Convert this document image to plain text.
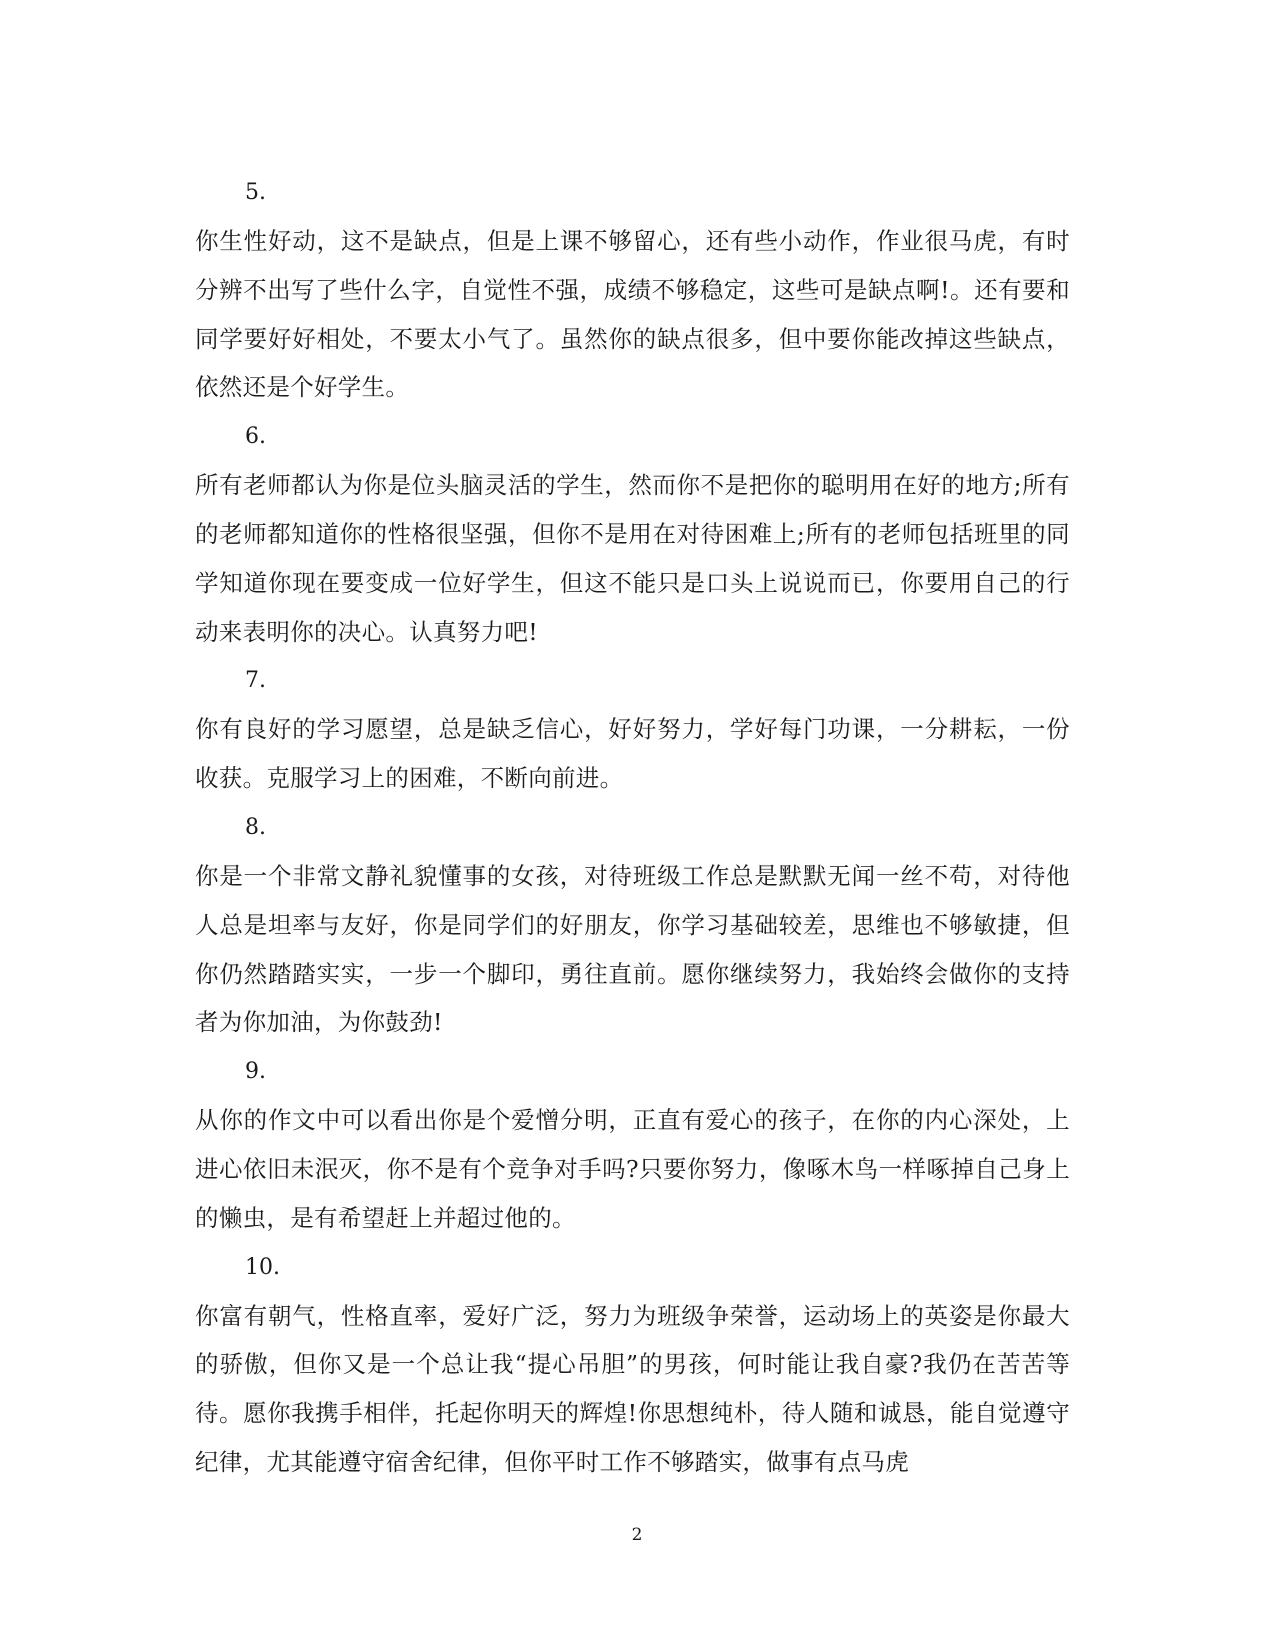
5.

你生性好动，这不是缺点，但是上课不够留心，还有些小动作，作业很马虎，有时分辨不出写了些什么字，自觉性不强，成绩不够稳定，这些可是缺点啊!。还有要和同学要好好相处，不要太小气了。虽然你的缺点很多，但中要你能改掉这些缺点，依然还是个好学生。

6.

所有老师都认为你是位头脑灵活的学生，然而你不是把你的聪明用在好的地方;所有的老师都知道你的性格很坚强，但你不是用在对待困难上;所有的老师包括班里的同学知道你现在要变成一位好学生，但这不能只是口头上说说而已，你要用自己的行动来表明你的决心。认真努力吧!

7.

你有良好的学习愿望，总是缺乏信心，好好努力，学好每门功课，一分耕耘，一份收获。克服学习上的困难，不断向前进。

8.

你是一个非常文静礼貌懂事的女孩，对待班级工作总是默默无闻一丝不苟，对待他人总是坦率与友好，你是同学们的好朋友，你学习基础较差，思维也不够敏捷，但你仍然踏踏实实，一步一个脚印，勇往直前。愿你继续努力，我始终会做你的支持者为你加油，为你鼓劲!

9.

从你的作文中可以看出你是个爱憎分明，正直有爱心的孩子，在你的内心深处，上进心依旧未泯灭，你不是有个竞争对手吗?只要你努力，像啄木鸟一样啄掉自己身上的懒虫，是有希望赶上并超过他的。

10.

你富有朝气，性格直率，爱好广泛，努力为班级争荣誉，运动场上的英姿是你最大的骄傲，但你又是一个总让我“提心吊胆”的男孩，何时能让我自豪?我仍在苦苦等待。愿你我携手相伴，托起你明天的辉煌!你思想纯朴，待人随和诚恳，能自觉遵守纪律，尤其能遵守宿舍纪律，但你平时工作不够踏实，做事有点马虎

2
